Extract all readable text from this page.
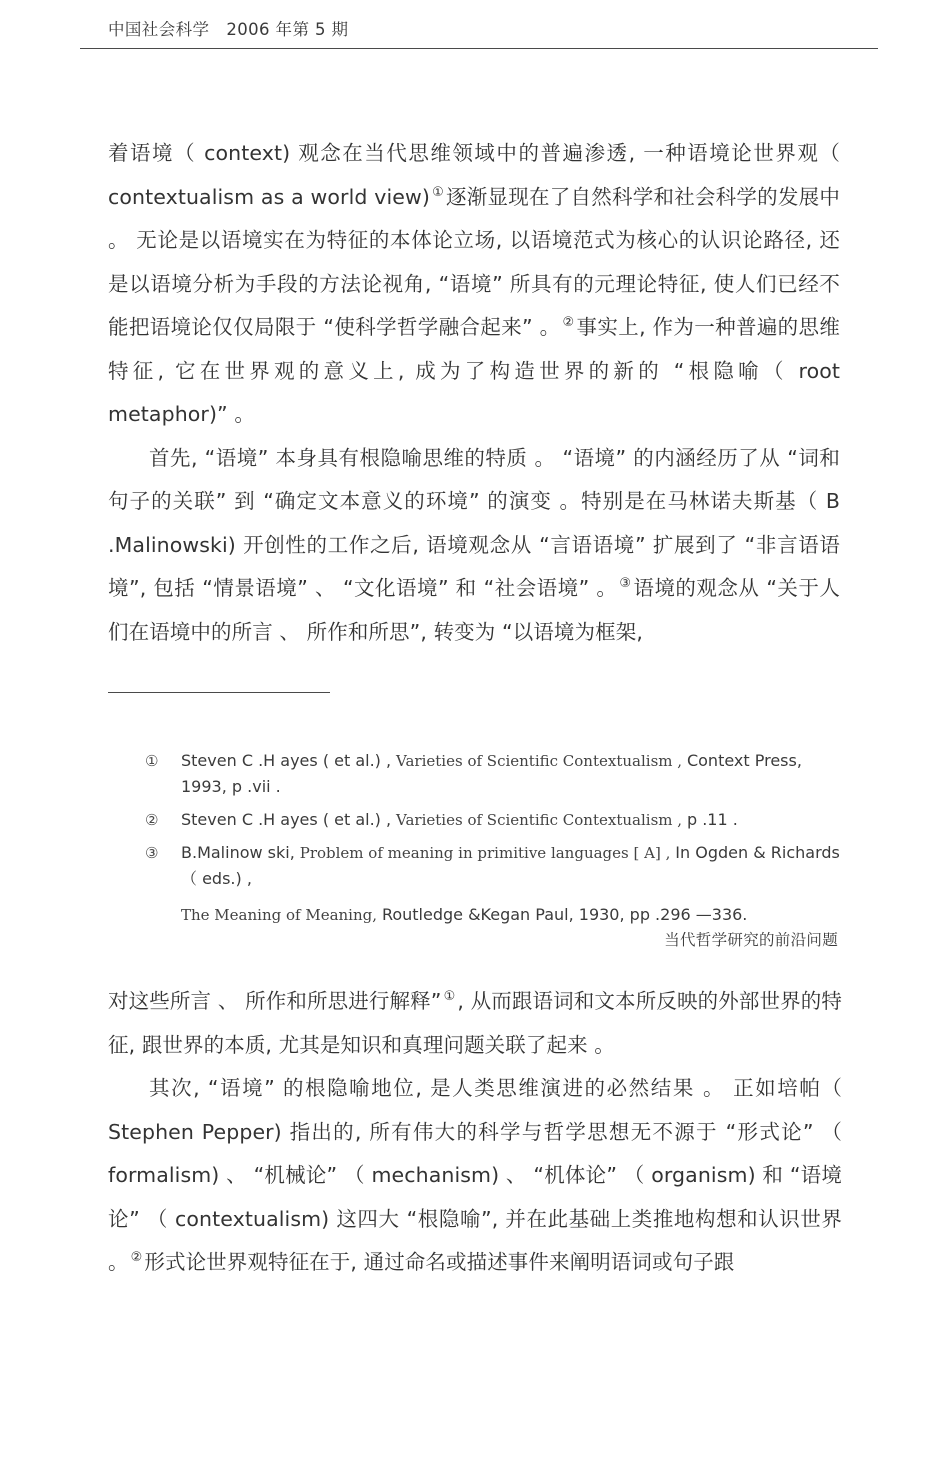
中国社会科学　 2006 年第 5 期

着语境（ context) 观念在当代思维领域中的普遍渗透, 一种语境论世界观（ contextualism as a world view) ①逐渐显现在了自然科学和社会科学的发展中 。 无论是以语境实在为特征的本体论立场, 以语境范式为核心的认识论路径, 还是以语境分析为手段的方法论视角, “语境” 所具有的元理论特征, 使人们已经不能把语境论仅仅局限于 “使科学哲学融合起来” 。 ②事实上, 作为一种普遍的思维特征, 它在世界观的意义上, 成为了构造世界的新的 “根隐喻（ root metaphor)” 。

首先, “语境” 本身具有根隐喻思维的特质 。 “语境” 的内涵经历了从 “词和句子的关联” 到 “确定文本意义的环境” 的演变 。特别是在马林诺夫斯基（ B .Malinowski) 开创性的工作之后, 语境观念从 “言语语境” 扩展到了 “非言语语境”, 包括 “情景语境” 、 “文化语境” 和 “社会语境” 。 ③语境的观念从 “关于人们在语境中的所言 、 所作和所思”, 转变为 “以语境为框架,

① Steven C .H ayes ( et al.) , Varieties of Scientific Contextualism , Context Press, 1993, p .vii .
② Steven C .H ayes ( et al.) , Varieties of Scientific Contextualism , p .11 .
③ B.Malinow ski, Problem of meaning in primitive languages [ A] , In Ogden & Richards （ eds.) ,
The Meaning of Meaning, Routledge &Kegan Paul, 1930, pp .296 —336.
当代哲学研究的前沿问题

对这些所言 、 所作和所思进行解释” ①, 从而跟语词和文本所反映的外部世界的特征, 跟世界的本质, 尤其是知识和真理问题关联了起来 。

其次, “语境” 的根隐喻地位, 是人类思维演进的必然结果 。 正如培帕（ Stephen Pepper) 指出的, 所有伟大的科学与哲学思想无不源于 “形式论” （ formalism) 、 “机械论” （ mechanism) 、 “机体论” （ organism) 和 “语境论” （ contextualism) 这四大 “根隐喻”, 并在此基础上类推地构想和认识世界 。 ②形式论世界观特征在于, 通过命名或描述事件来阐明语词或句子跟
